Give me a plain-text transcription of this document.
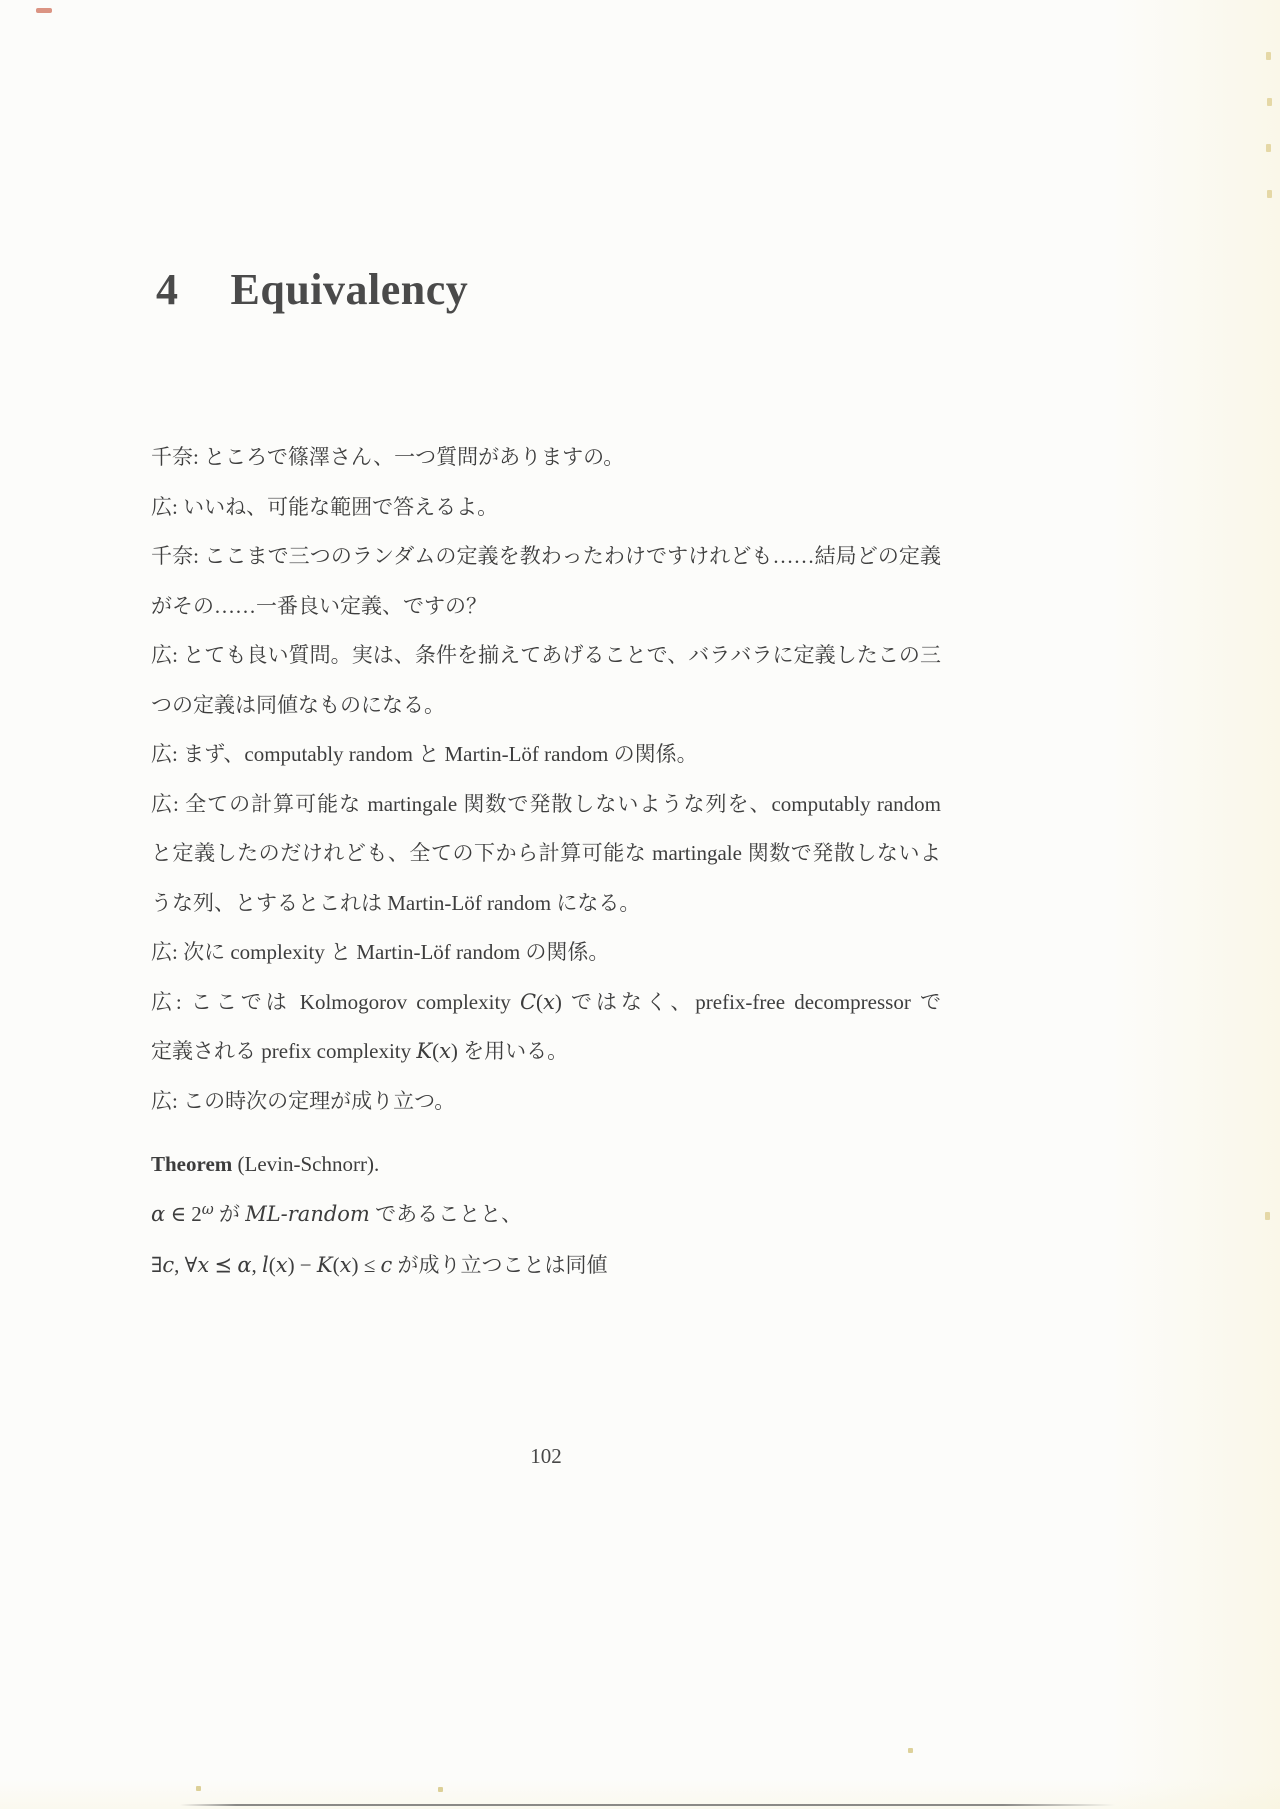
4 Equivalency
千奈: ところで篠澤さん、一つ質問がありますの。
広: いいね、可能な範囲で答えるよ。
千奈: ここまで三つのランダムの定義を教わったわけですけれども……結局どの定義
がその……一番良い定義、ですの？
広: とても良い質問。実は、条件を揃えてあげることで、バラバラに定義したこの三
つの定義は同値なものになる。
広: まず、computably random と Martin-Löf random の関係。
広: 全ての計算可能な martingale 関数で発散しないような列を、computably random
と定義したのだけれども、全ての下から計算可能な martingale 関数で発散しないよ
うな列、とするとこれは Martin-Löf random になる。
広: 次に complexity と Martin-Löf random の関係。
広: ここでは Kolmogorov complexity C(x) ではなく、prefix-free decompressor で
定義される prefix complexity K(x) を用いる。
広: この時次の定理が成り立つ。
Theorem (Levin-Schnorr).
α ∈ $2^\omega$ が ML-random であることと、
∃c, ∀x ⪯ α, l(x) − K(x) ≤ c が成り立つことは同値
102
